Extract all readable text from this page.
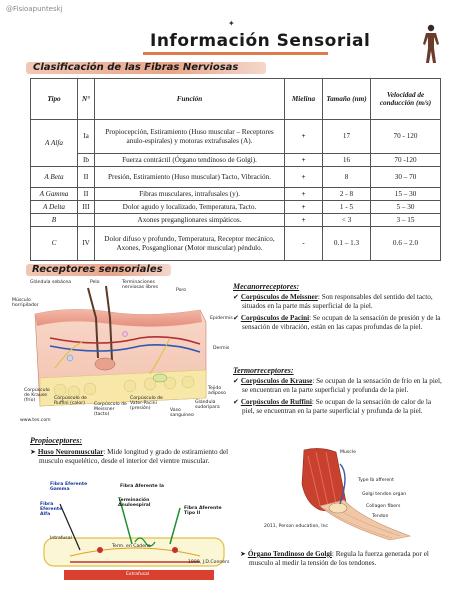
@Fisioapunteskj
✦
Información Sensorial
Clasificación de las Fibras Nerviosas
Tipo	N°	Función	Mielina	Tamaño (nm)	Velocidad de conducción (m/s)
A Alfa	Ia	Propiocepción, Estiramiento (Huso muscular – Receptores anulo-espirales) y motoras extrafusales (A).	+	17	70 - 120
	Ib	Fuerza contráctil (Órgano tendinoso de Golgi).	+	16	70 -120
A Beta	II	Presión, Estiramiento (Huso muscular) Tacto, Vibración.	+	8	30 – 70
A Gamma	II	Fibras musculares, intrafusales (y).	+	2 - 8	15 – 30
A Delta	III	Dolor agudo y localizado, Temperatura, Tacto.	+	1 - 5	5 – 30
B		Axones preganglionares simpáticos.	+	< 3	3 – 15
C	IV	Dolor difuso y profundo, Temperatura, Receptor mecánico, Axones, Posganglionar (Motor muscular) péndulo.	-	0.1 – 1.3	0.6 – 2.0
Receptores sensoriales
Glándula sebácea	Pelo	Terminaciones nerviosas libres
Poro
Músculo horripilador
Epidermis
Dermis
Tejido adiposo
Corpúsculo de Krause (frío)	Corpúsculo de Ruffini (calor)	Corpúsculo de Meissner (tacto)
Corpúsculo de Vater-Pacini (presión)	Vaso sanguíneo
Glándula sudorípara
www.tes.com
Mecanorreceptores:
✔ Corpúsculos de Meissner: Son responsables del sentido del tacto, situados en la parte más superficial de la piel.
✔ Corpúsculos de Pacini: Se ocupan de la sensación de presión y de la sensación de vibración, están en las capas profundas de la piel.
Termorreceptores:
✔ Corpúsculos de Krause: Se ocupan de la sensación de frío en la piel, se encuentran en la parte superficial y profunda de la piel.
✔ Corpúsculos de Ruffini: Se ocupan de la sensación de calor de la piel, se encuentran en la parte superficial y profunda de la piel.
Propioceptores:
➤ Huso Neuromuscular: Mide longitud y grado de estiramiento del musculo esquelético, desde el interior del vientre muscular.
Fibra Eferente Gamma
Fibra Eferente Alfa
Fibra Aferente Ia
Terminación Anuloespiral
Fibra Aferente Tipo II
Intrafusal
Term. en Cadena
Extrafusal
1999, J.D.Conners
Muscle
Type Ib afferent
Golgi tendon organ
Collagen fibers
Tendon
2011, Person education, Inc
➤ Órgano Tendinoso de Golgi: Regula la fuerza generada por el musculo al medir la tensión de los tendones.
